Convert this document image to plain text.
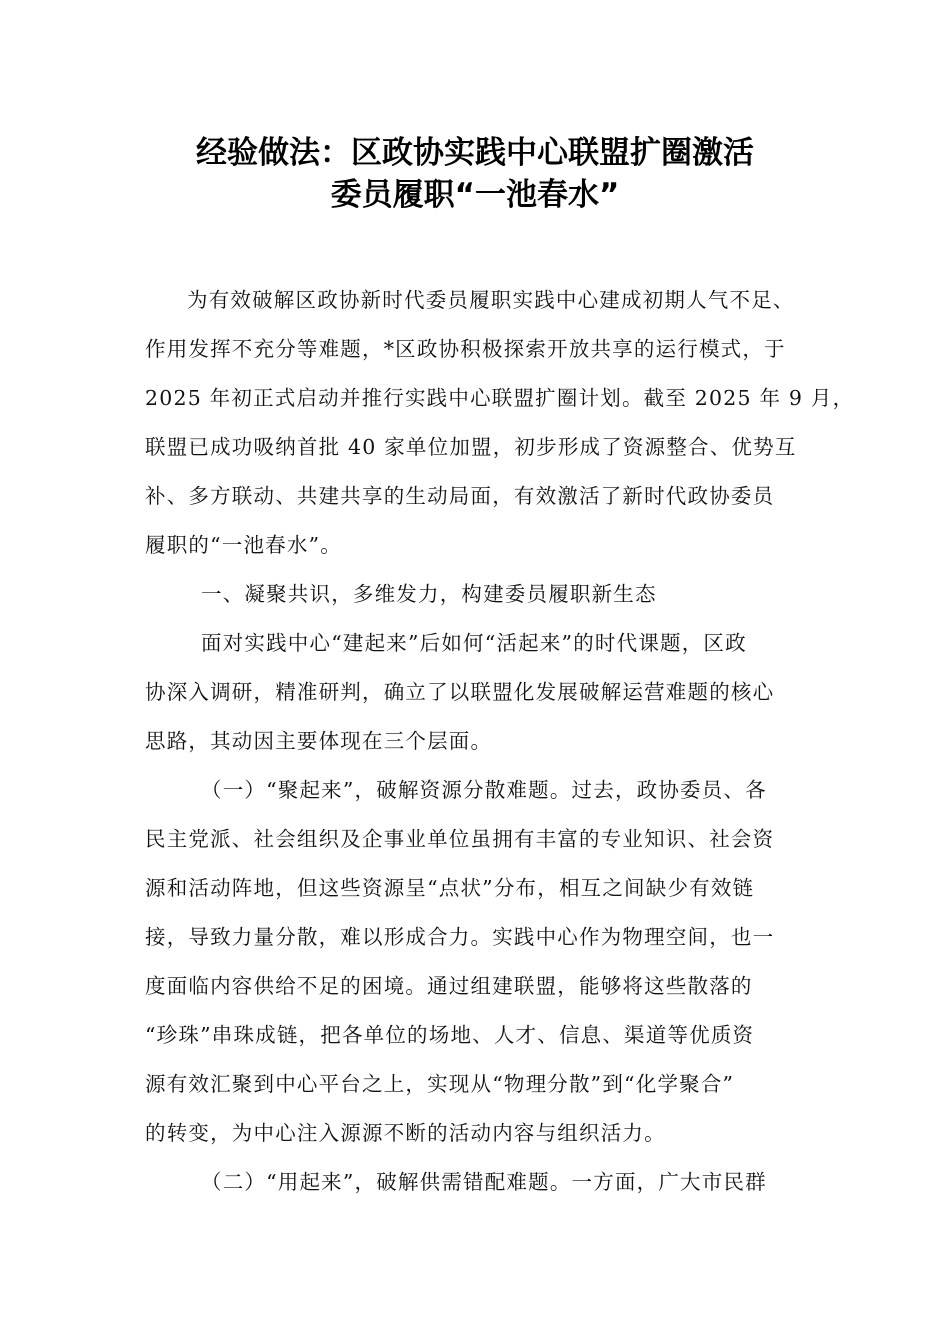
经验做法：区政协实践中心联盟扩圈激活
委员履职“一池春水”
为有效破解区政协新时代委员履职实践中心建成初期人气不足、
作用发挥不充分等难题，*区政协积极探索开放共享的运行模式，于
2025 年初正式启动并推行实践中心联盟扩圈计划。截至 2025 年 9 月，
联盟已成功吸纳首批 40 家单位加盟，初步形成了资源整合、优势互
补、多方联动、共建共享的生动局面，有效激活了新时代政协委员
履职的“一池春水”。
一、凝聚共识，多维发力，构建委员履职新生态
面对实践中心“建起来”后如何“活起来”的时代课题，区政
协深入调研，精准研判，确立了以联盟化发展破解运营难题的核心
思路，其动因主要体现在三个层面。
（一）“聚起来”，破解资源分散难题。过去，政协委员、各
民主党派、社会组织及企事业单位虽拥有丰富的专业知识、社会资
源和活动阵地，但这些资源呈“点状”分布，相互之间缺少有效链
接，导致力量分散，难以形成合力。实践中心作为物理空间，也一
度面临内容供给不足的困境。通过组建联盟，能够将这些散落的
“珍珠”串珠成链，把各单位的场地、人才、信息、渠道等优质资
源有效汇聚到中心平台之上，实现从“物理分散”到“化学聚合”
的转变，为中心注入源源不断的活动内容与组织活力。
（二）“用起来”，破解供需错配难题。一方面，广大市民群
